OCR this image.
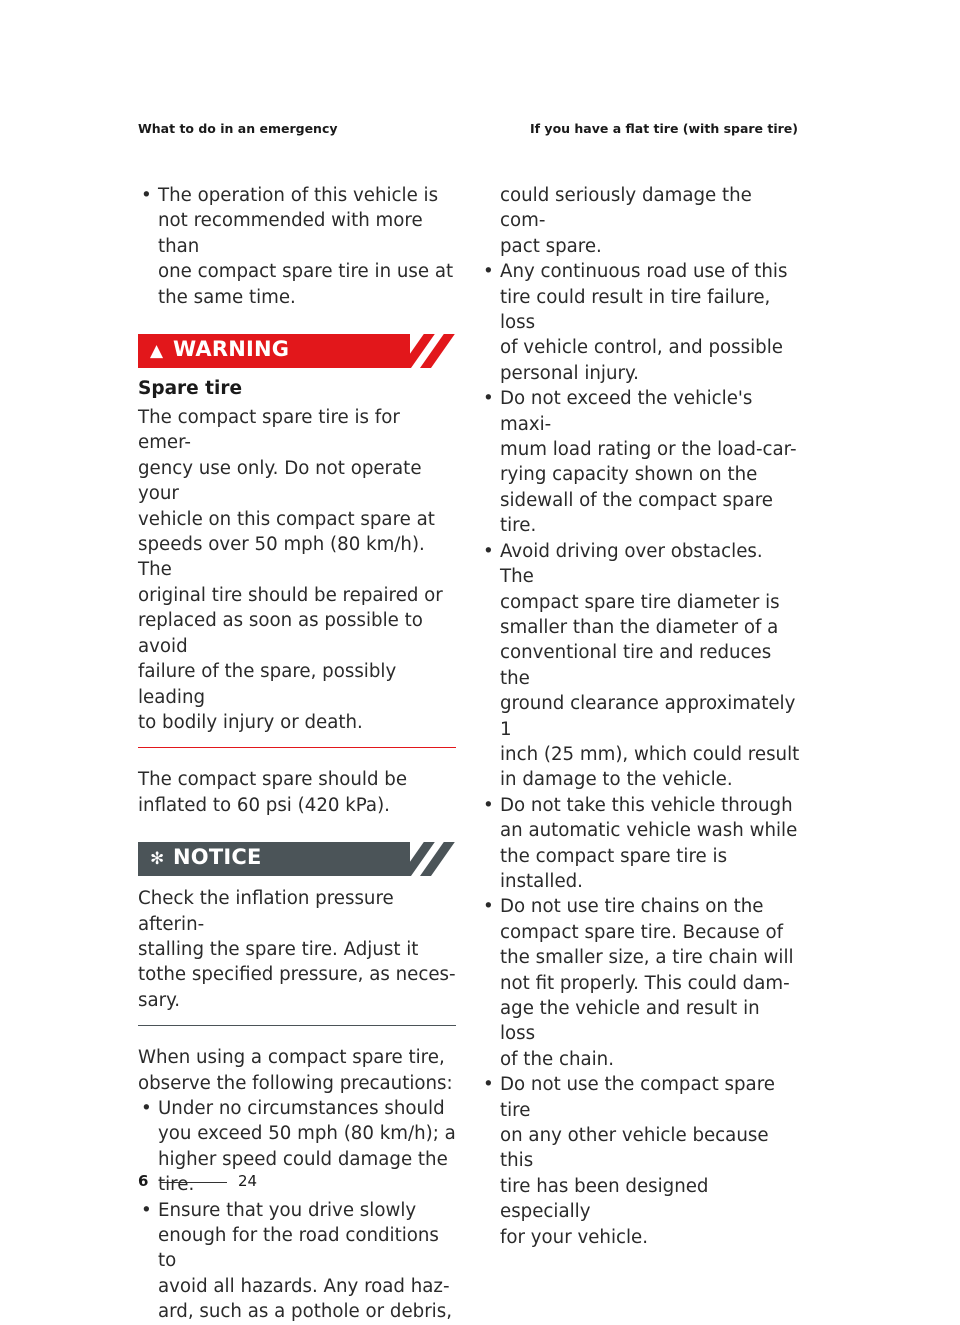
What to do in an emergency	If you have a flat tire (with spare tire)
• The operation of this vehicle is
not recommended with more than
one compact spare tire in use at
the same time.
▲ WARNING

Spare tire

The compact spare tire is for emer-
gency use only. Do not operate your
vehicle on this compact spare at
speeds over 50 mph (80 km/h). The
original tire should be repaired or
replaced as soon as possible to avoid
failure of the spare, possibly leading
to bodily injury or death.

The compact spare should be
inflated to 60 psi (420 kPa).

✻ NOTICE

Check the inflation pressure afterin-
stalling the spare tire. Adjust it
tothe specified pressure, as neces-
sary.

When using a compact spare tire,
observe the following precautions:

• Under no circumstances should
you exceed 50 mph (80 km/h); a
higher speed could damage the
tire.
• Ensure that you drive slowly
enough for the road conditions to
avoid all hazards. Any road haz-
ard, such as a pothole or debris,

could seriously damage the com-
pact spare.

• Any continuous road use of this
tire could result in tire failure, loss
of vehicle control, and possible
personal injury.
• Do not exceed the vehicle's maxi-
mum load rating or the load-car-
rying capacity shown on the
sidewall of the compact spare
tire.
• Avoid driving over obstacles. The
compact spare tire diameter is
smaller than the diameter of a
conventional tire and reduces the
ground clearance approximately 1
inch (25 mm), which could result
in damage to the vehicle.
• Do not take this vehicle through
an automatic vehicle wash while
the compact spare tire is installed.
• Do not use tire chains on the
compact spare tire. Because of
the smaller size, a tire chain will
not fit properly. This could dam-
age the vehicle and result in loss
of the chain.
• Do not use the compact spare tire
on any other vehicle because this
tire has been designed especially
for your vehicle.
6	24
